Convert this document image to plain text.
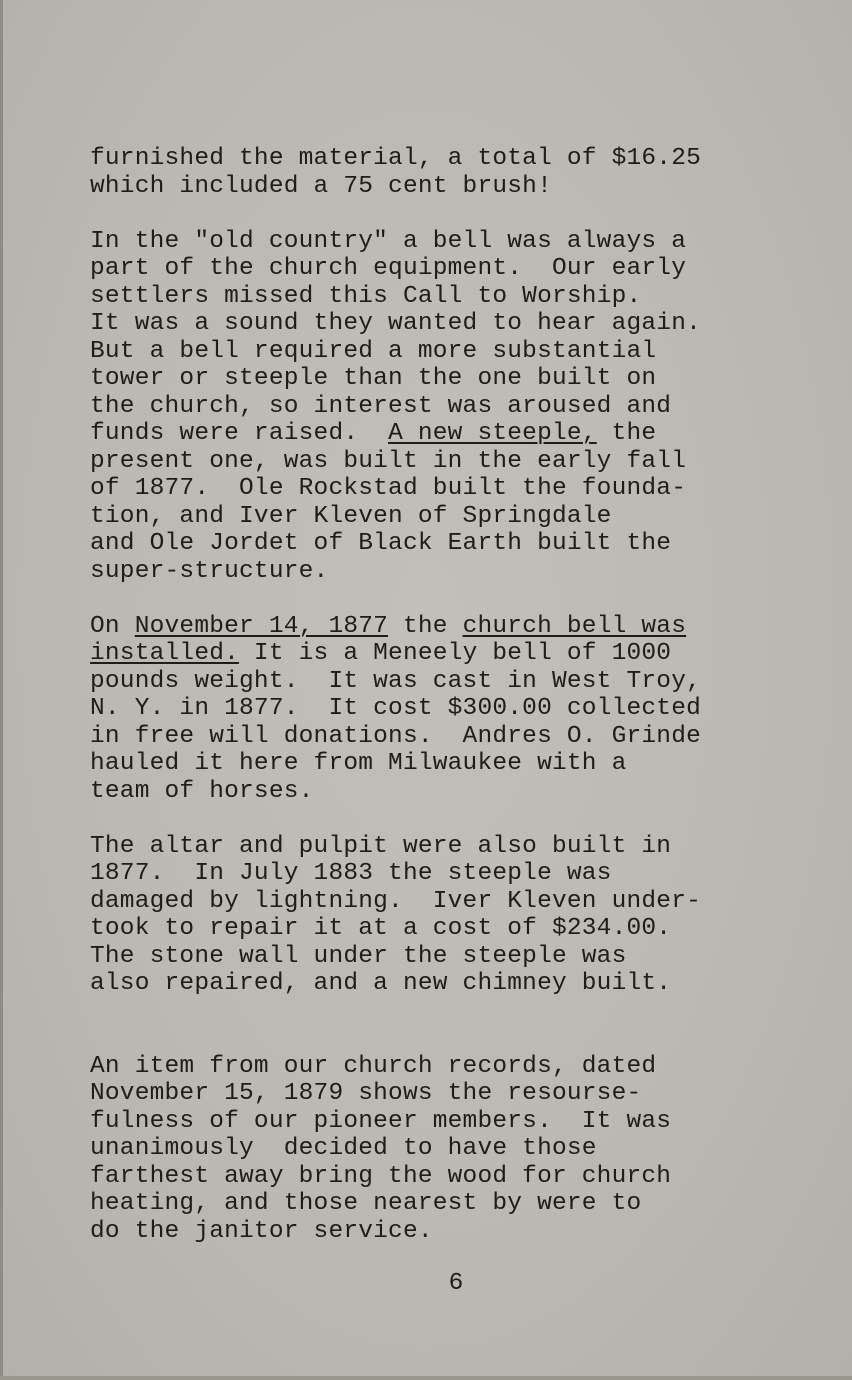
furnished the material, a total of $16.25
which included a 75 cent brush!
In the "old country" a bell was always a
part of the church equipment.  Our early
settlers missed this Call to Worship.
It was a sound they wanted to hear again.
But a bell required a more substantial
tower or steeple than the one built on
the church, so interest was aroused and
funds were raised. A new steeple, the
present one, was built in the early fall
of 1877.  Ole Rockstad built the founda-
tion, and Iver Kleven of Springdale
and Ole Jordet of Black Earth built the
super-structure.
On November 14, 1877 the church bell was
installed. It is a Meneely bell of 1000
pounds weight.  It was cast in West Troy,
N. Y. in 1877.  It cost $300.00 collected
in free will donations.  Andres O. Grinde
hauled it here from Milwaukee with a
team of horses.
The altar and pulpit were also built in
1877.  In July 1883 the steeple was
damaged by lightning.  Iver Kleven under-
took to repair it at a cost of $234.00.
The stone wall under the steeple was
also repaired, and a new chimney built.
An item from our church records, dated
November 15, 1879 shows the resourse-
fulness of our pioneer members.  It was
unanimously  decided to have those
farthest away bring the wood for church
heating, and those nearest by were to
do the janitor service.
6
